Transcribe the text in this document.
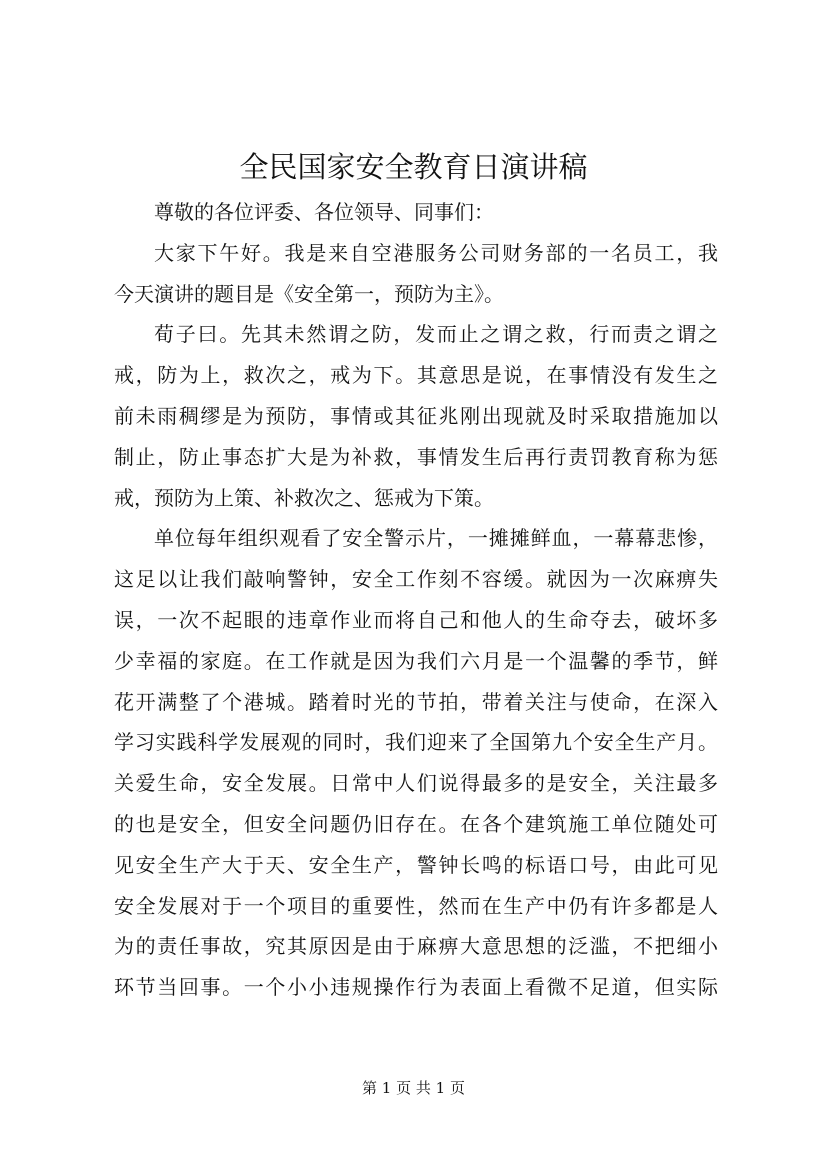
全民国家安全教育日演讲稿
尊敬的各位评委、各位领导、同事们：
大家下午好。我是来自空港服务公司财务部的一名员工，我
今天演讲的题目是《安全第一，预防为主》。
荀子曰。先其未然谓之防，发而止之谓之救，行而责之谓之
戒，防为上，救次之，戒为下。其意思是说，在事情没有发生之
前未雨稠缪是为预防，事情或其征兆刚出现就及时采取措施加以
制止，防止事态扩大是为补救，事情发生后再行责罚教育称为惩
戒，预防为上策、补救次之、惩戒为下策。
单位每年组织观看了安全警示片，一摊摊鲜血，一幕幕悲惨，
这足以让我们敲响警钟，安全工作刻不容缓。就因为一次麻痹失
误，一次不起眼的违章作业而将自己和他人的生命夺去，破坏多
少幸福的家庭。在工作就是因为我们六月是一个温馨的季节，鲜
花开满整了个港城。踏着时光的节拍，带着关注与使命，在深入
学习实践科学发展观的同时，我们迎来了全国第九个安全生产月。
关爱生命，安全发展。日常中人们说得最多的是安全，关注最多
的也是安全，但安全问题仍旧存在。在各个建筑施工单位随处可
见安全生产大于天、安全生产，警钟长鸣的标语口号，由此可见
安全发展对于一个项目的重要性，然而在生产中仍有许多都是人
为的责任事故，究其原因是由于麻痹大意思想的泛滥，不把细小
环节当回事。一个小小违规操作行为表面上看微不足道，但实际
第 1 页 共 1 页
